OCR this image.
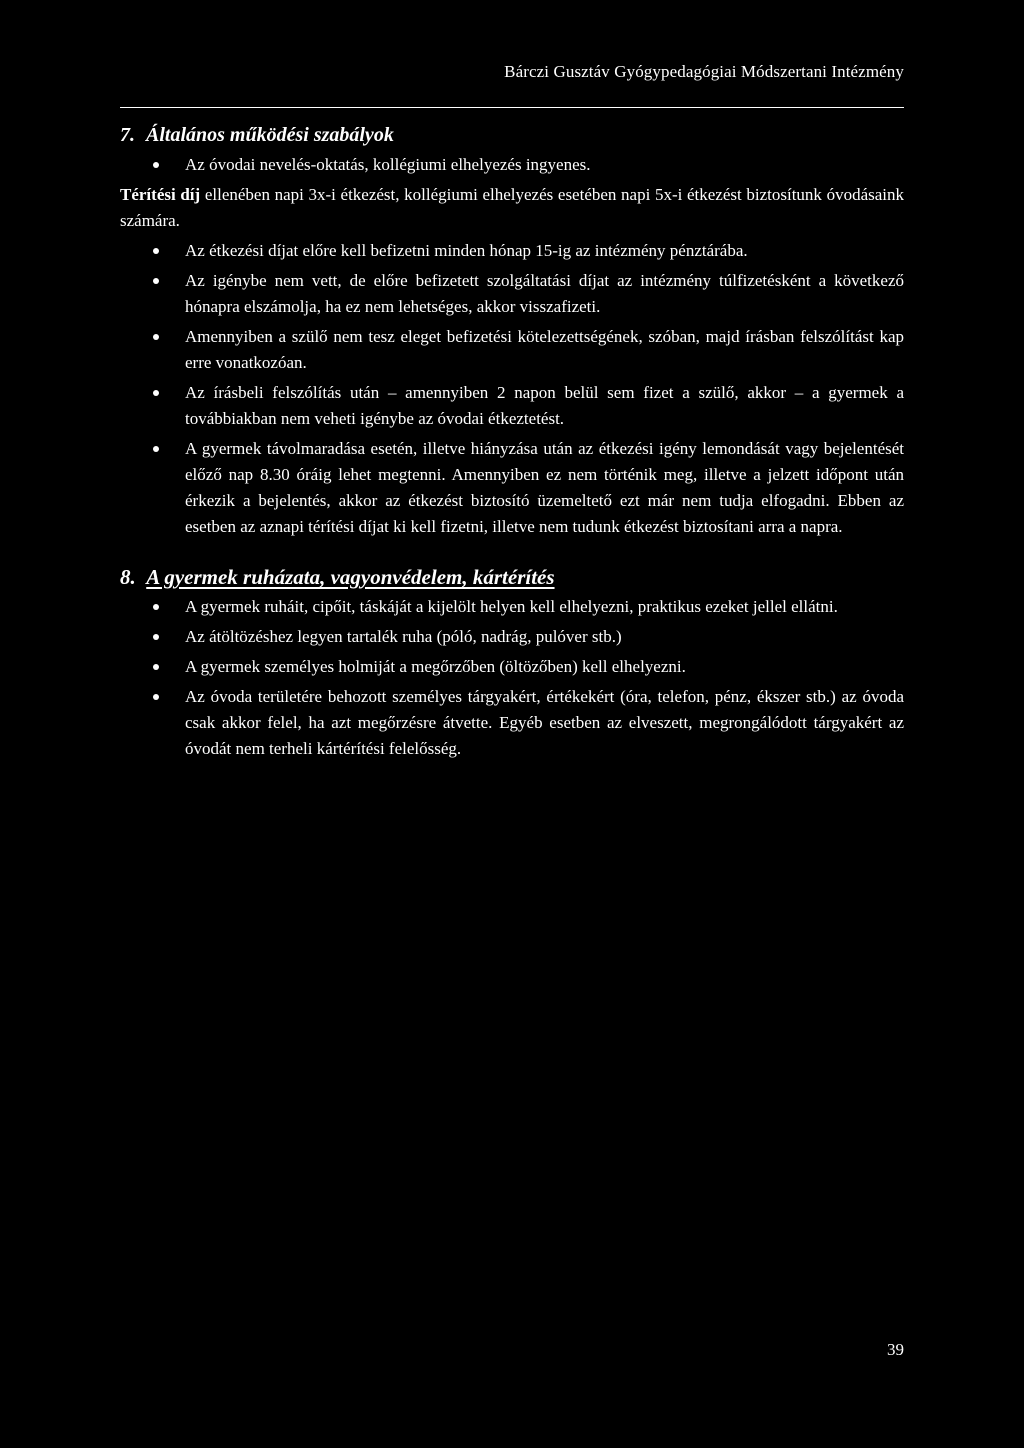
Bárczi Gusztáv Gyógypedagógiai Módszertani Intézmény
7. Általános működési szabályok
Az óvodai nevelés-oktatás, kollégiumi elhelyezés ingyenes.

Térítési díj ellenében napi 3x-i étkezést, kollégiumi elhelyezés esetében napi 5x-i étkezést biztosítunk óvodásaink számára.

Az étkezési díjat előre kell befizetni minden hónap 15-ig az intézmény pénztárába.
Az igénybe nem vett, de előre befizetett szolgáltatási díjat az intézmény túlfizetésként a következő hónapra elszámolja, ha ez nem lehetséges, akkor visszafizeti.
Amennyiben a szülő nem tesz eleget befizetési kötelezettségének, szóban, majd írásban felszólítást kap erre vonatkozóan.
Az írásbeli felszólítás után – amennyiben 2 napon belül sem fizet a szülő, akkor – a gyermek a továbbiakban nem veheti igénybe az óvodai étkeztetést.
A gyermek távolmaradása esetén, illetve hiányzása után az étkezési igény lemondását vagy bejelentését előző nap 8.30 óráig lehet megtenni. Amennyiben ez nem történik meg, illetve a jelzett időpont után érkezik a bejelentés, akkor az étkezést biztosító üzemeltető ezt már nem tudja elfogadni. Ebben az esetben az aznapi térítési díjat ki kell fizetni, illetve nem tudunk étkezést biztosítani arra a napra.
8. A gyermek ruházata, vagyonvédelem, kártérítés
A gyermek ruháit, cipőit, táskáját a kijelölt helyen kell elhelyezni, praktikus ezeket jellel ellátni.
Az átöltözéshez legyen tartalék ruha (póló, nadrág, pulóver stb.)
A gyermek személyes holmiját a megőrzőben (öltözőben) kell elhelyezni.
Az óvoda területére behozott személyes tárgyakért, értékekért (óra, telefon, pénz, ékszer stb.) az óvoda csak akkor felel, ha azt megőrzésre átvette. Egyéb esetben az elveszett, megrongálódott tárgyakért az óvodát nem terheli kártérítési felelősség.
39
